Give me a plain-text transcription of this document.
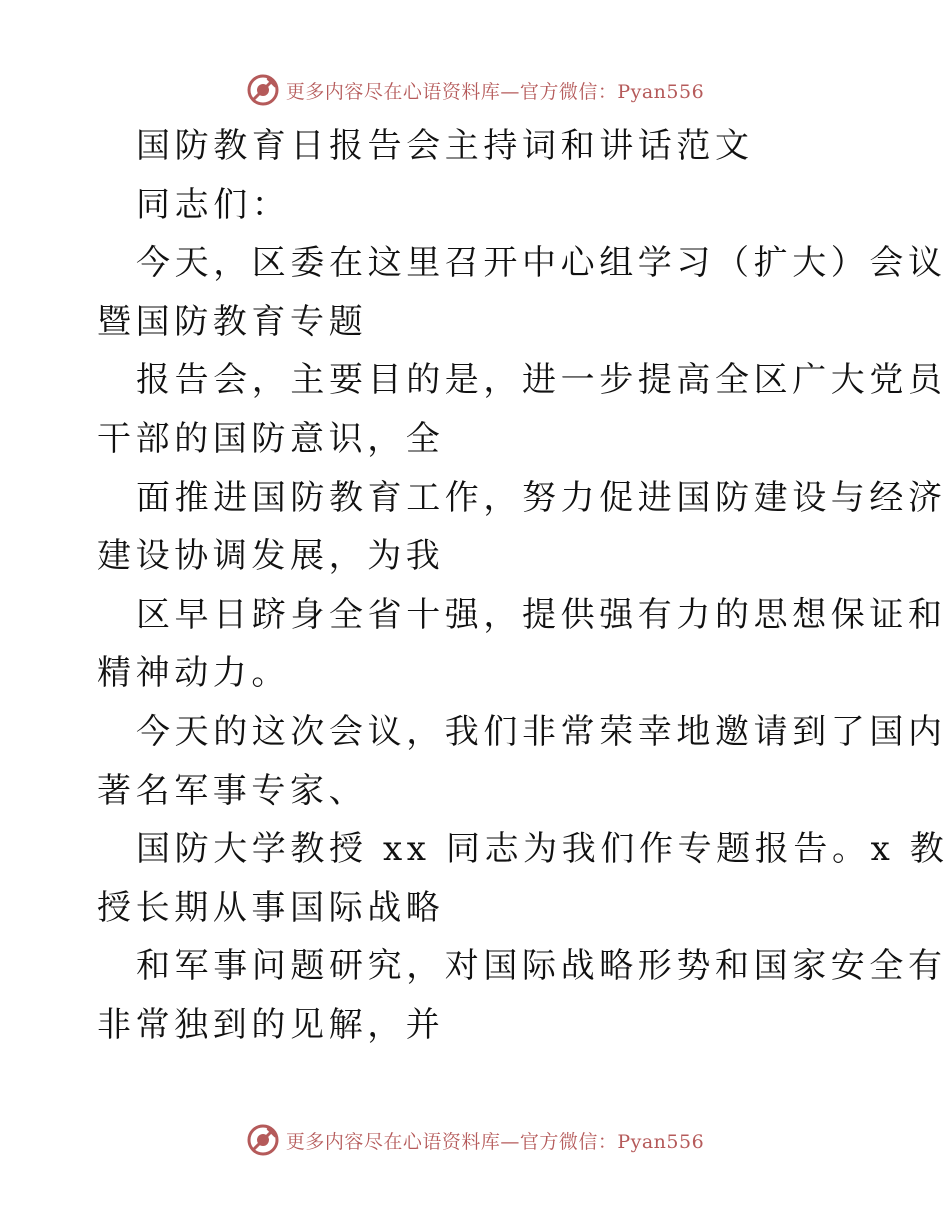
更多内容尽在心语资料库—官方微信：Pyan556

国防教育日报告会主持词和讲话范文

同志们：

今天，区委在这里召开中心组学习（扩大）会议

暨国防教育专题

报告会，主要目的是，进一步提高全区广大党员

干部的国防意识，全

面推进国防教育工作，努力促进国防建设与经济

建设协调发展，为我

区早日跻身全省十强，提供强有力的思想保证和

精神动力。

今天的这次会议，我们非常荣幸地邀请到了国内

著名军事专家、

国防大学教授 xx 同志为我们作专题报告。x 教

授长期从事国际战略

和军事问题研究，对国际战略形势和国家安全有

非常独到的见解，并

更多内容尽在心语资料库—官方微信：Pyan556
